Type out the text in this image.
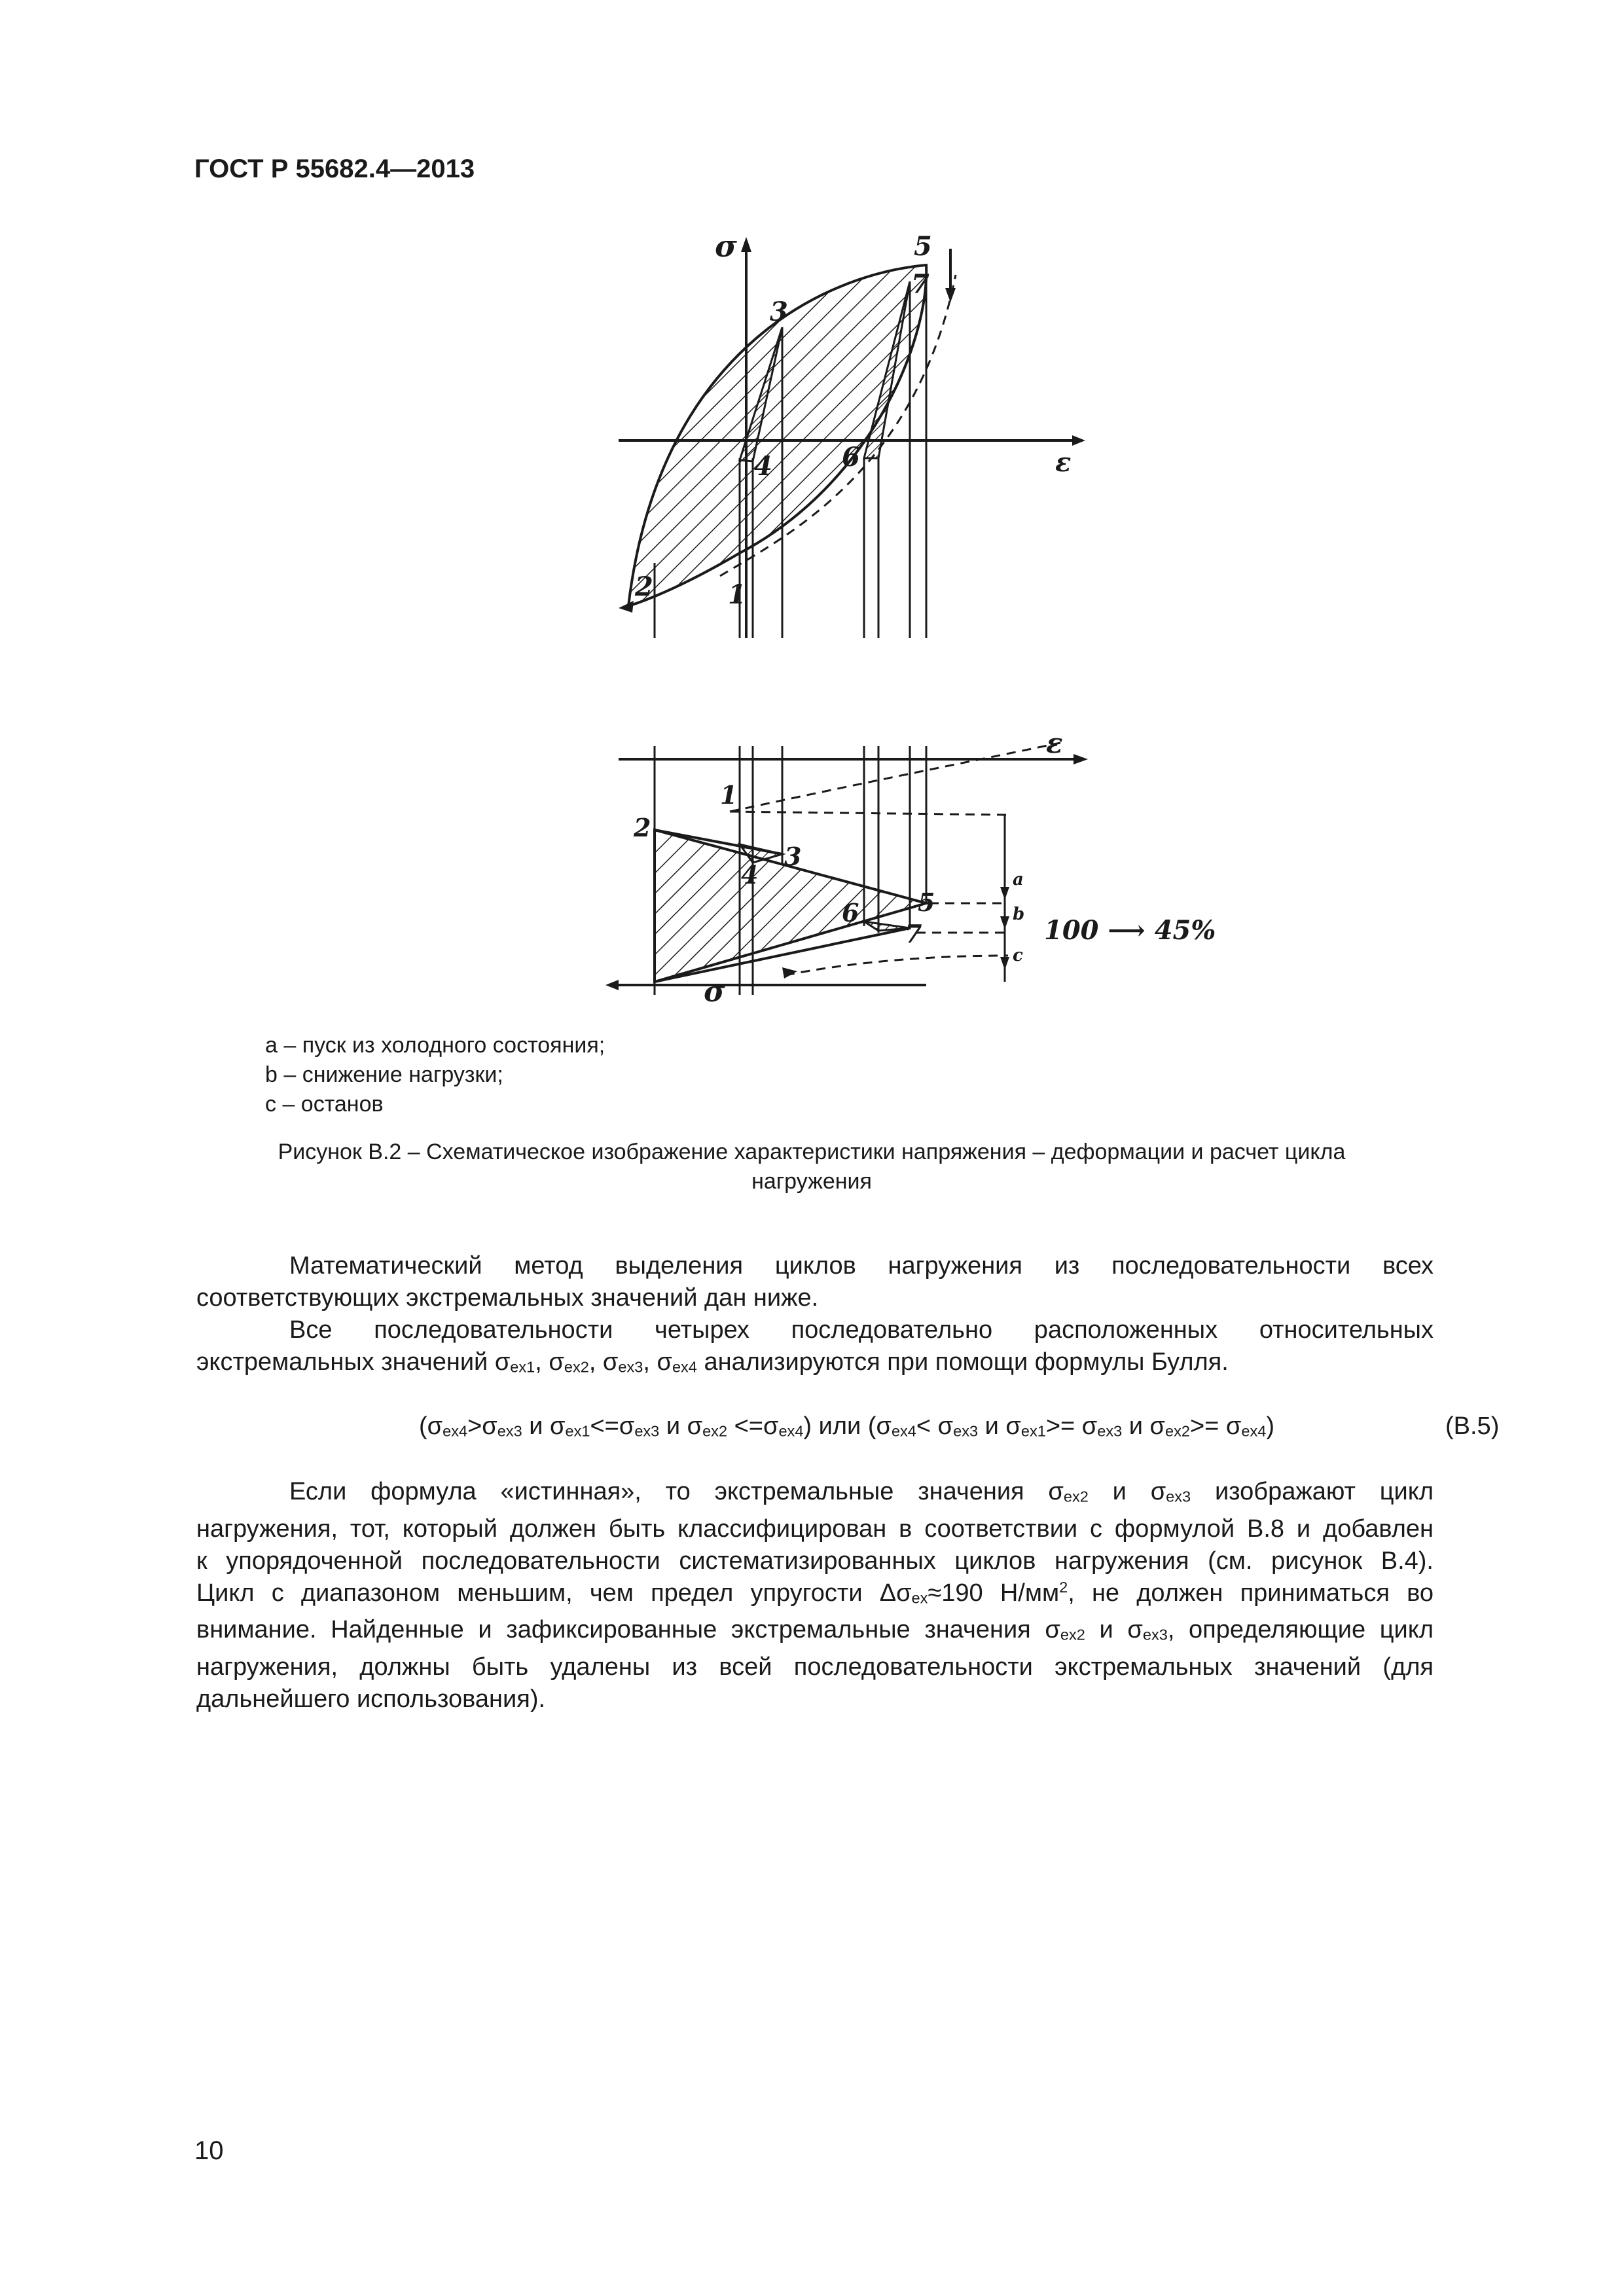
ГОСТ Р 55682.4—2013
σ
ε
1
2
3
4
5
6
7
ε
σ
1
2
3
4
5
6
7
a
b
c
100 ⟶ 45%
а – пуск из холодного состояния;
b – снижение нагрузки;
c – останов
Рисунок В.2 – Схематическое изображение характеристики напряжения – деформации и расчет цикла
нагружения
Математический метод выделения циклов нагружения из последовательности всех
соответствующих экстремальных значений дан ниже.
Все последовательности четырех последовательно расположенных относительных
экстремальных значений $\sigma_{ex1}$, $\sigma_{ex2}$, $\sigma_{ex3}$, $\sigma_{ex4}$ анализируются при помощи формулы Булля.
($\sigma_{ex4}>\sigma_{ex3}$ и $\sigma_{ex1}<=\sigma_{ex3}$ и $\sigma_{ex2} <=\sigma_{ex4}$) или ($\sigma_{ex4}< \sigma_{ex3}$ и $\sigma_{ex1}>= \sigma_{ex3}$ и $\sigma_{ex2}>= \sigma_{ex4}$)	(В.5)
Если формула «истинная», то экстремальные значения $\sigma_{ex2}$ и $\sigma_{ex3}$ изображают цикл
нагружения, тот, который должен быть классифицирован в соответствии с формулой В.8 и добавлен
к упорядоченной последовательности систематизированных циклов нагружения (см. рисунок В.4).
Цикл с диапазоном меньшим, чем предел упругости $\Delta\sigma_{ex}\approx 190$ $Н/мм^2$, не должен приниматься во
внимание. Найденные и зафиксированные экстремальные значения $\sigma_{ex2}$ и $\sigma_{ex3}$, определяющие цикл
нагружения, должны быть удалены из всей последовательности экстремальных значений (для
дальнейшего использования).
10
